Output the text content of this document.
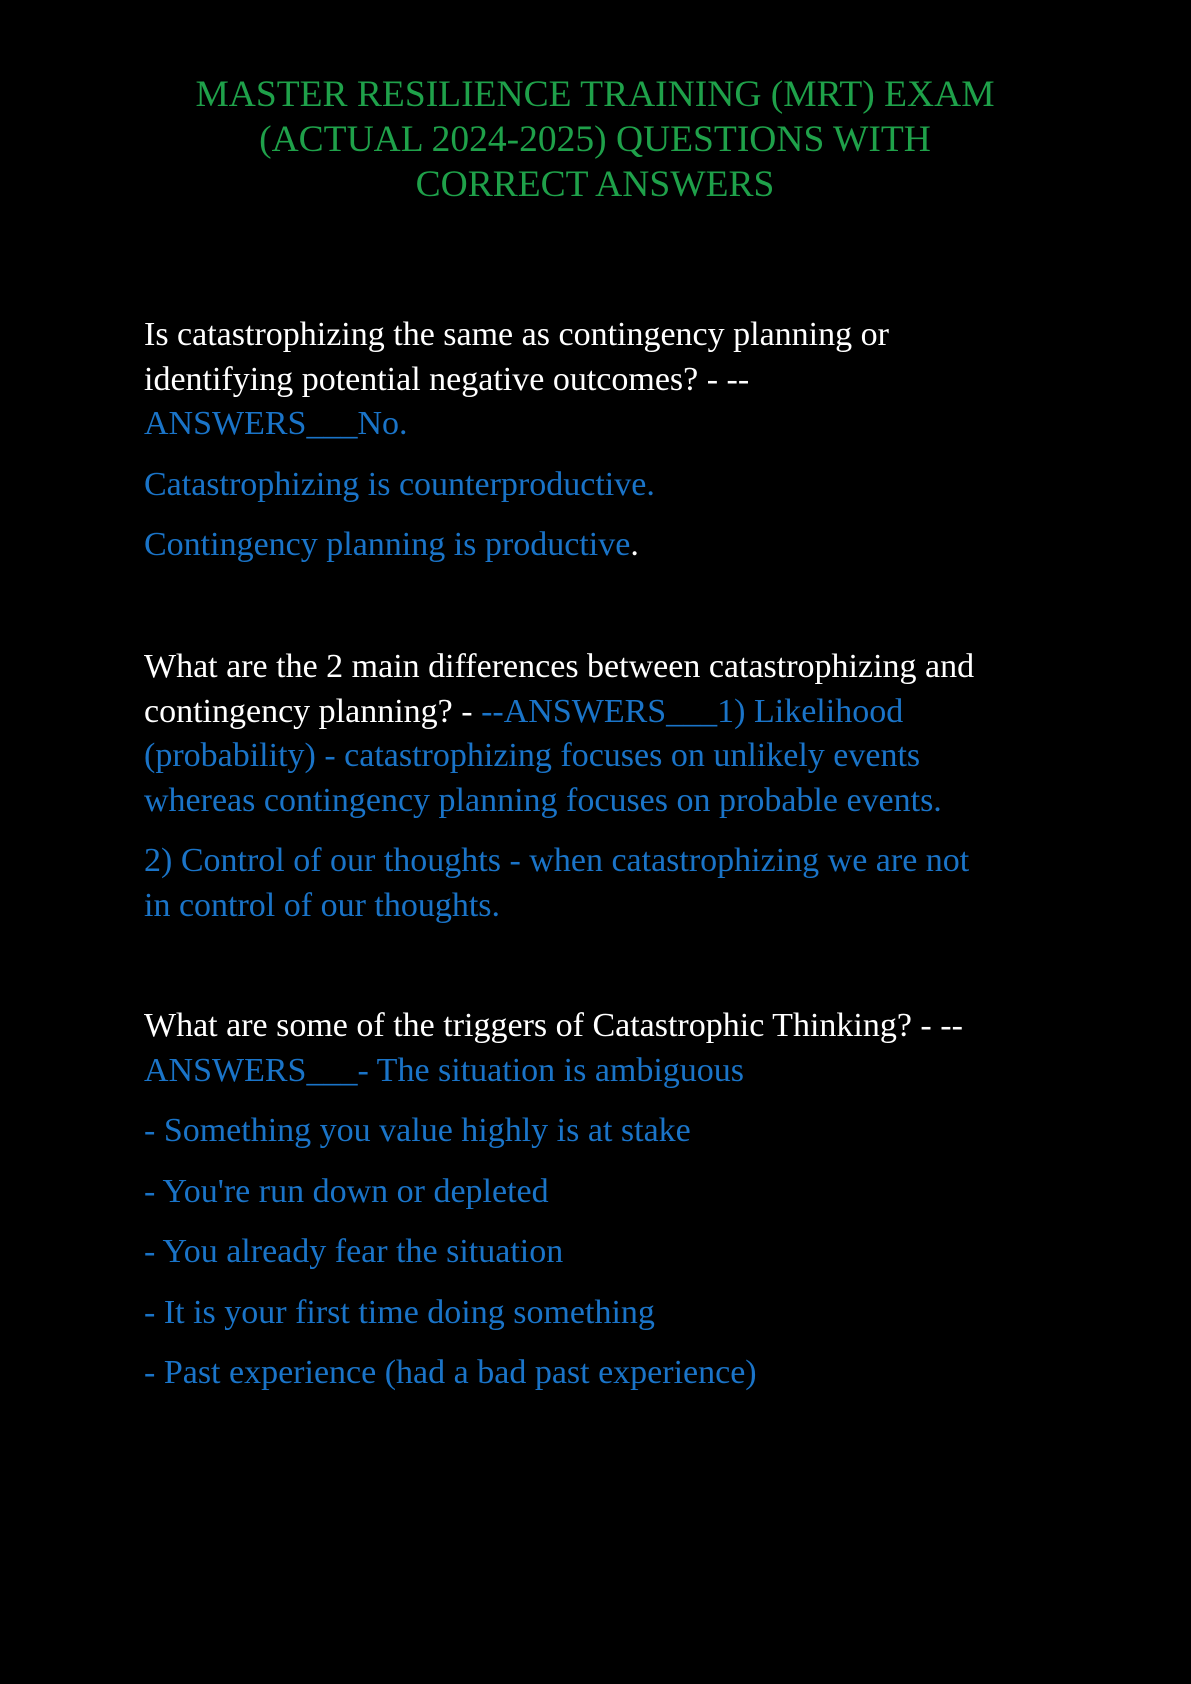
MASTER RESILIENCE TRAINING (MRT) EXAM
(ACTUAL 2024-2025) QUESTIONS WITH
CORRECT ANSWERS
Is catastrophizing the same as contingency planning or
identifying potential negative outcomes? - --
ANSWERS___No.
Catastrophizing is counterproductive.
Contingency planning is productive.
What are the 2 main differences between catastrophizing and
contingency planning? - --ANSWERS___1) Likelihood
(probability) - catastrophizing focuses on unlikely events
whereas contingency planning focuses on probable events.
2) Control of our thoughts - when catastrophizing we are not
in control of our thoughts.
What are some of the triggers of Catastrophic Thinking? - --
ANSWERS___- The situation is ambiguous
- Something you value highly is at stake
- You're run down or depleted
- You already fear the situation
- It is your first time doing something
- Past experience (had a bad past experience)
